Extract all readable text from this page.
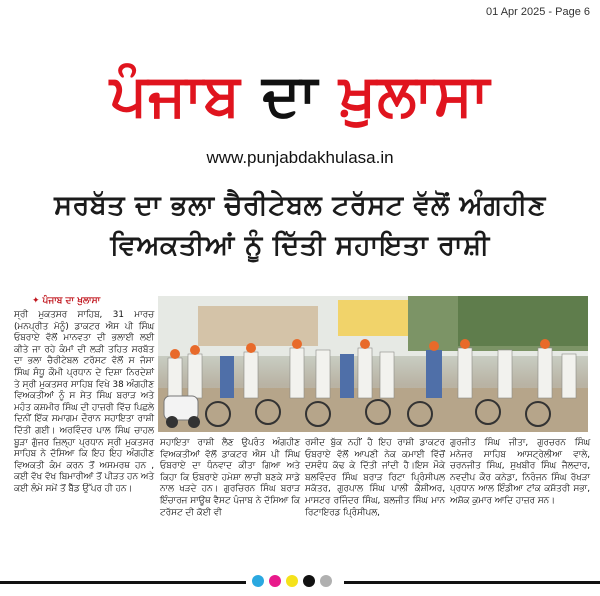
01 Apr 2025 - Page 6
ਪੰਜਾਬ ਦਾ ਖ਼ੁਲਾਸਾ
www.punjabdakhulasa.in
ਸਰਬੱਤ ਦਾ ਭਲਾ ਚੈਰੀਟੇਬਲ ਟਰੱਸਟ ਵੱਲੋਂ ਅੰਗਹੀਣ
ਵਿਅਕਤੀਆਂ ਨੂੰ ਦਿੱਤੀ ਸਹਾਇਤਾ ਰਾਸ਼ੀ
✦ ਪੰਜਾਬ ਦਾ ਖ਼ੁਲਾਸਾ
ਸ੍ਰੀ ਮੁਕਤਸਰ ਸਾਹਿਬ, 31 ਮਾਰਚ (ਮਨਪ੍ਰੀਤ ਮੋਨੂੰ) ਡਾਕਟਰ ਐਸ ਪੀ ਸਿੰਘ ਓਬਰਾਏ ਵੱਲੋਂ ਮਾਨਵਤਾ ਦੀ ਭਲਾਈ ਲਈ ਕੀਤੇ ਜਾ ਰਹੇ ਕੰਮਾਂ ਦੀ ਲੜੀ ਤਹਿਤ ਸਰਬੱਤ ਦਾ ਭਲਾ ਚੈਰੀਟੇਬਲ ਟਰੱਸਟ ਵੱਲੋਂ ਸ ਜੱਸਾ ਸਿੰਘ ਸੰਧੂ ਕੌਮੀ ਪ੍ਰਧਾਨ ਦੇ ਦਿਸ਼ਾ ਨਿਰਦੇਸ਼ਾਂ ਤੇ ਸ੍ਰੀ ਮੁਕਤਸਰ ਸਾਹਿਬ ਵਿਖੇ 38 ਅੰਗਹੀਣ ਵਿਅਕਤੀਆਂ ਨੂੰ ਸ ਸੇਤ ਸਿੰਘ ਬਰਾੜ ਅਤੇ ਮਹੰਤ ਕਸ਼ਮੀਰ ਸਿੰਘ ਦੀ ਹਾਜ਼ਰੀ ਵਿੱਚ ਪਿਛਲੇ ਦਿਨੀਂ ਇੱਕ ਸਮਾਗਮ ਦੌਰਾਨ ਸਹਾਇਤਾ ਰਾਸ਼ੀ ਦਿੱਤੀ ਗਈ। ਅਰਵਿੰਦਰ ਪਾਲ ਸਿੰਘ ਚਾਹਲ ਬੂੜਾ ਗੁੱਜਰ ਜ਼ਿਲ੍ਹਾ ਪ੍ਰਧਾਨ ਸ੍ਰੀ ਮੁਕਤਸਰ ਸਾਹਿਬ ਨੇ ਦੱਸਿਆ ਕਿ ਇਹ ਇਹ ਅੰਗਹੀਣ ਵਿਅਕਤੀ ਕੰਮ ਕਰਨ ਤੋਂ ਅਸਮਰਥ ਹਨ , ਕਈ ਵੱਖ ਵੱਖ ਬਿਮਾਰੀਆਂ ਤੋਂ ਪੀੜਤ ਹਨ ਅਤੇ ਕਈ ਲੰਮੇ ਸਮੇਂ ਤੋਂ ਬੈੱਡ ਉੱਪਰ ਹੀ ਹਨ।
ਸਹਾਇਤਾ ਰਾਸ਼ੀ ਲੈਣ ਉਪਰੰਤ ਅੰਗਹੀਣ ਵਿਅਕਤੀਆਂ ਵੱਲੋਂ ਡਾਕਟਰ ਐਸ ਪੀ ਸਿੰਘ ਓਬਰਾਏ ਦਾ ਧੰਨਵਾਦ ਕੀਤਾ ਗਿਆ ਅਤੇ ਕਿਹਾ ਕਿ ਓਬਰਾਏ ਹਮੇਸ਼ਾ ਲਾਚੀ ਬਣਕੇ ਸਾਡੇ ਨਾਲ ਖੜਦੇ ਹਨ। ਗੁਰਚਿਰਨ ਸਿੰਘ ਬਰਾੜ ਇੰਚਾਰਜ ਸਾਊਥ ਵੈਸਟ ਪੰਜਾਬ ਨੇ ਦੱਸਿਆ ਕਿ ਟਰੱਸਟ ਦੀ ਕੋਈ ਵੀ
ਰਸੀਦ ਬੁੱਕ ਨਹੀਂ ਹੈ ਇਹ ਰਾਸ਼ੀ ਡਾਕਟਰ ਓਬਰਾਏ ਵੱਲੋਂ ਆਪਣੀ ਨੇਕ ਕਮਾਈ ਵਿੱਚੋਂ ਦਸਵੰਧ ਕੱਢ ਕੇ ਦਿੱਤੀ ਜਾਂਦੀ ਹੈ।ਇਸ ਮੌਕੇ ਬਲਵਿੰਦਰ ਸਿੰਘ ਬਰਾੜ ਰਿਟਾ ਪ੍ਰਿੰਸੀਪਲ ਸਕੱਤਰ, ਗੁਰਪਾਲ ਸਿੰਘ ਪਾਲੀ ਕੈਸ਼ੀਅਰ, ਮਾਸਟਰ ਰਜਿੰਦਰ ਸਿੰਘ, ਬਲਜੀਤ ਸਿੰਘ ਮਾਨ ਰਿਟਾਇਰਡ ਪ੍ਰਿੰਸੀਪਲ,
ਗੁਰਜੀਤ ਸਿੰਘ ਜੀਤਾ, ਗੁਰਚਰਨ ਸਿੰਘ ਮਨੇਜਰ ਸਾਹਿਬ ਆਸਟ੍ਰੇਲੀਆ ਵਾਲੇ, ਚਰਨਜੀਤ ਸਿੰਘ, ਸੁਖਬੀਰ ਸਿੰਘ ਜੈਲਦਾਰ, ਨਵਦੀਪ ਕੌਰ ਕਨੇਡਾ, ਨਿਰੰਜਨ ਸਿੰਘ ਰੱਖੜਾ ਪ੍ਰਧਾਨ ਆਲ ਇੰਡੀਆ ਟਾਂਕ ਕਸ਼ੱਤਰੀ ਸਭਾ, ਅਸ਼ੋਕ ਕੁਮਾਰ ਆਦਿ ਹਾਜ਼ਰ ਸਨ।
